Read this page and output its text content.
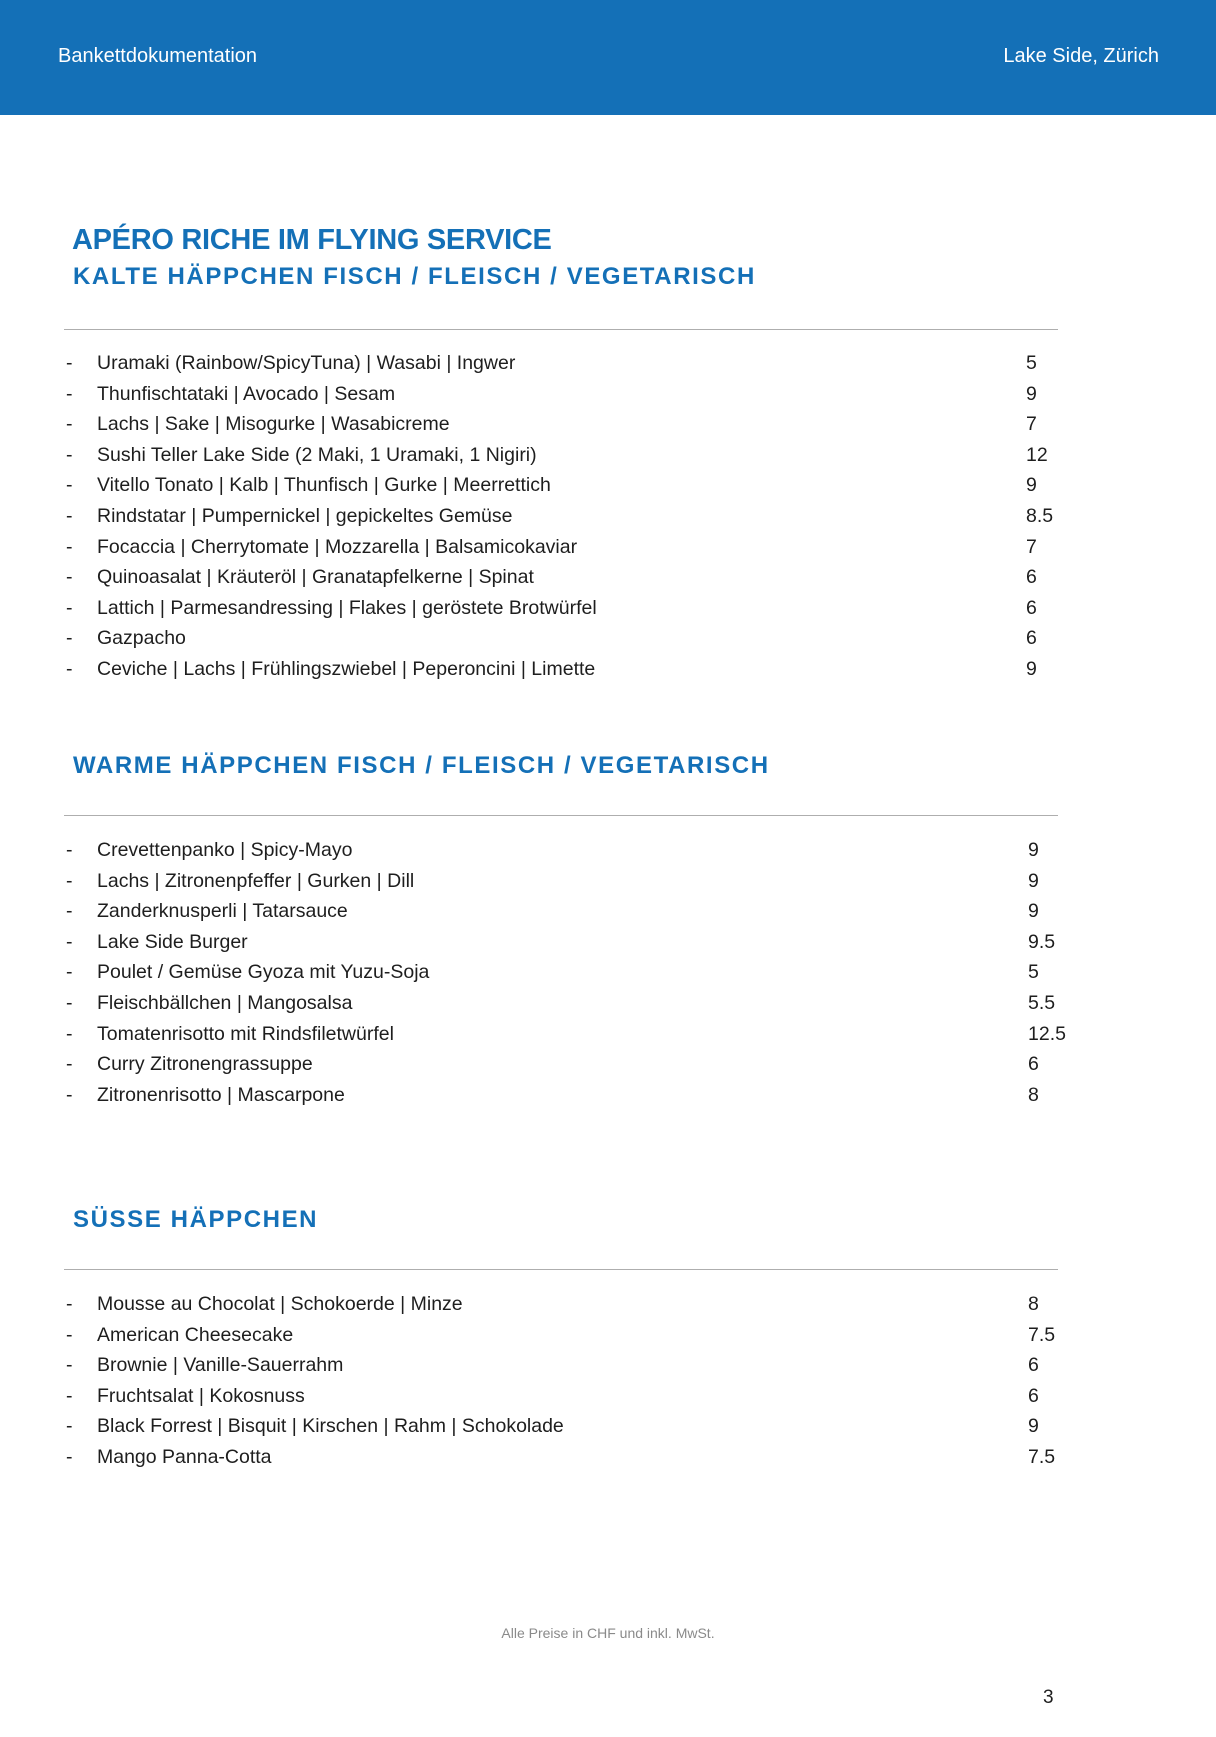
Bankettdokumentation	Lake Side, Zürich
APÉRO RICHE IM FLYING SERVICE
KALTE HÄPPCHEN FISCH / FLEISCH / VEGETARISCH
- Uramaki (Rainbow/SpicyTuna) | Wasabi | Ingwer	5
- Thunfischtataki | Avocado | Sesam	9
- Lachs | Sake | Misogurke | Wasabicreme	7
- Sushi Teller Lake Side (2 Maki, 1 Uramaki, 1 Nigiri)	12
- Vitello Tonato | Kalb | Thunfisch | Gurke | Meerrettich	9
- Rindstatar | Pumpernickel | gepickeltes Gemüse	8.5
- Focaccia | Cherrytomate | Mozzarella | Balsamicokaviar	7
- Quinoasalat | Kräuteröl | Granatapfelkerne | Spinat	6
- Lattich | Parmesandressing | Flakes | geröstete Brotwürfel	6
- Gazpacho	6
- Ceviche | Lachs | Frühlingszwiebel | Peperoncini | Limette	9
WARME HÄPPCHEN FISCH / FLEISCH / VEGETARISCH
- Crevettenpanko | Spicy-Mayo	9
- Lachs | Zitronenpfeffer | Gurken | Dill	9
- Zanderknusperli | Tatarsauce	9
- Lake Side Burger	9.5
- Poulet / Gemüse Gyoza mit Yuzu-Soja	5
- Fleischbällchen | Mangosalsa	5.5
- Tomatenrisotto mit Rindsfiletwürfel	12.5
- Curry Zitronengrassuppe	6
- Zitronenrisotto | Mascarpone	8
SÜSSE HÄPPCHEN
- Mousse au Chocolat | Schokoerde | Minze	8
- American Cheesecake	7.5
- Brownie | Vanille-Sauerrahm	6
- Fruchtsalat | Kokosnuss	6
- Black Forrest | Bisquit | Kirschen | Rahm | Schokolade	9
- Mango Panna-Cotta	7.5
Alle Preise in CHF und inkl. MwSt.
3
